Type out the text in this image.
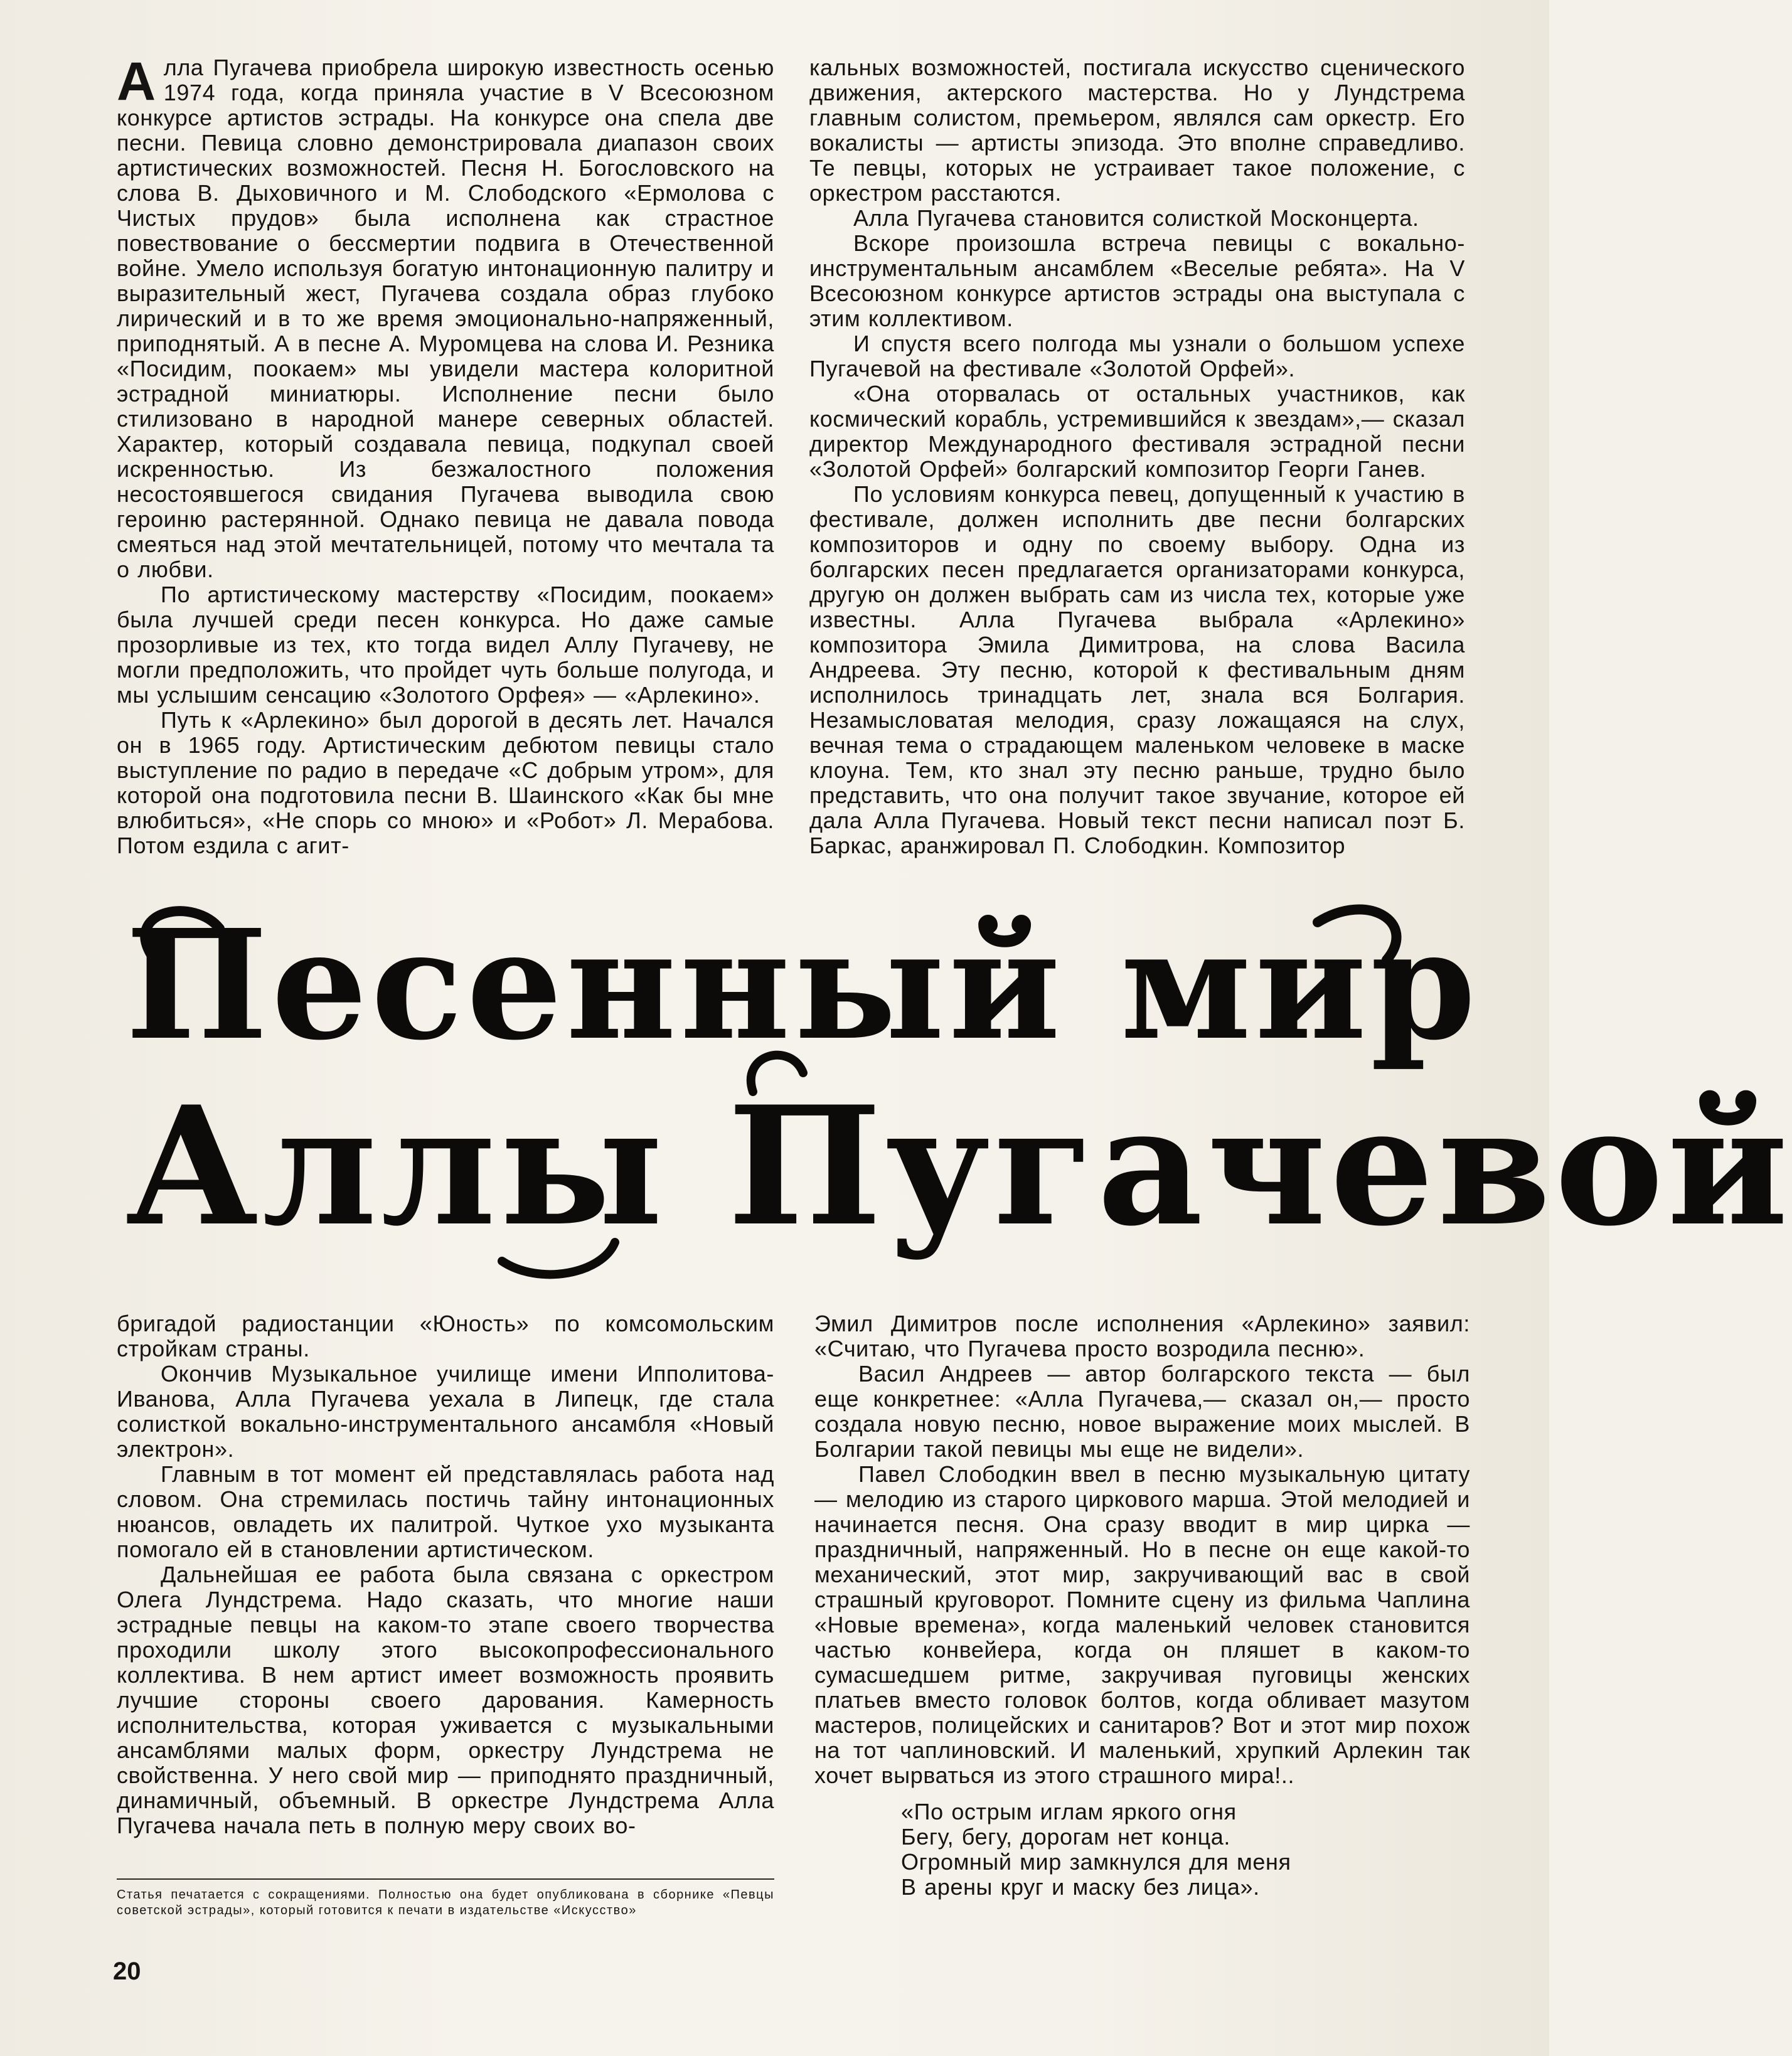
Алла Пугачева приобрела широкую известность осенью 1974 года, когда приняла участие в V Всесоюзном конкурсе артистов эстрады. На конкурсе она спела две песни. Певица словно демонстрировала диапазон своих артистических возможностей. Песня Н. Богословского на слова В. Дыховичного и М. Слободского «Ермолова с Чистых прудов» была исполнена как страстное повествование о бессмертии подвига в Отечественной войне. Умело используя богатую интонационную палитру и выразительный жест, Пугачева создала образ глубоко лирический и в то же время эмоционально-напряженный, приподнятый. А в песне А. Муромцева на слова И. Резника «Посидим, поокаем» мы увидели мастера колоритной эстрадной миниатюры. Исполнение песни было стилизовано в народной манере северных областей. Характер, который создавала певица, подкупал своей искренностью. Из безжалостного положения несостоявшегося свидания Пугачева выводила свою героиню растерянной. Однако певица не давала повода смеяться над этой мечтательницей, потому что мечтала та о любви.

По артистическому мастерству «Посидим, поокаем» была лучшей среди песен конкурса. Но даже самые прозорливые из тех, кто тогда видел Аллу Пугачеву, не могли предположить, что пройдет чуть больше полугода, и мы услышим сенсацию «Золотого Орфея» — «Арлекино».

Путь к «Арлекино» был дорогой в десять лет. Начался он в 1965 году. Артистическим дебютом певицы стало выступление по радио в передаче «С добрым утром», для которой она подготовила песни В. Шаинского «Как бы мне влюбиться», «Не спорь со мною» и «Робот» Л. Мерабова. Потом ездила с агит-

кальных возможностей, постигала искусство сценического движения, актерского мастерства. Но у Лундстрема главным солистом, премьером, являлся сам оркестр. Его вокалисты — артисты эпизода. Это вполне справедливо. Те певцы, которых не устраивает такое положение, с оркестром расстаются.

Алла Пугачева становится солисткой Москонцерта.

Вскоре произошла встреча певицы с вокально-инструментальным ансамблем «Веселые ребята». На V Всесоюзном конкурсе артистов эстрады она выступала с этим коллективом.

И спустя всего полгода мы узнали о большом успехе Пугачевой на фестивале «Золотой Орфей».

«Она оторвалась от остальных участников, как космический корабль, устремившийся к звездам»,— сказал директор Международного фестиваля эстрадной песни «Золотой Орфей» болгарский композитор Георги Ганев.

По условиям конкурса певец, допущенный к участию в фестивале, должен исполнить две песни болгарских композиторов и одну по своему выбору. Одна из болгарских песен предлагается организаторами конкурса, другую он должен выбрать сам из числа тех, которые уже известны. Алла Пугачева выбрала «Арлекино» композитора Эмила Димитрова, на слова Васила Андреева. Эту песню, которой к фестивальным дням исполнилось тринадцать лет, знала вся Болгария. Незамысловатая мелодия, сразу ложащаяся на слух, вечная тема о страдающем маленьком человеке в маске клоуна. Тем, кто знал эту песню раньше, трудно было представить, что она получит такое звучание, которое ей дала Алла Пугачева. Новый текст песни написал поэт Б. Баркас, аранжировал П. Слободкин. Композитор

Песенный мир
Аллы Пугачевой

бригадой радиостанции «Юность» по комсомольским стройкам страны.

Окончив Музыкальное училище имени Ипполитова-Иванова, Алла Пугачева уехала в Липецк, где стала солисткой вокально-инструментального ансамбля «Новый электрон».

Главным в тот момент ей представлялась работа над словом. Она стремилась постичь тайну интонационных нюансов, овладеть их палитрой. Чуткое ухо музыканта помогало ей в становлении артистическом.

Дальнейшая ее работа была связана с оркестром Олега Лундстрема. Надо сказать, что многие наши эстрадные певцы на каком-то этапе своего творчества проходили школу этого высокопрофессионального коллектива. В нем артист имеет возможность проявить лучшие стороны своего дарования. Камерность исполнительства, которая уживается с музыкальными ансамблями малых форм, оркестру Лундстрема не свойственна. У него свой мир — приподнято праздничный, динамичный, объемный. В оркестре Лундстрема Алла Пугачева начала петь в полную меру своих во-

Эмил Димитров после исполнения «Арлекино» заявил: «Считаю, что Пугачева просто возродила песню».

Васил Андреев — автор болгарского текста — был еще конкретнее: «Алла Пугачева,— сказал он,— просто создала новую песню, новое выражение моих мыслей. В Болгарии такой певицы мы еще не видели».

Павел Слободкин ввел в песню музыкальную цитату — мелодию из старого циркового марша. Этой мелодией и начинается песня. Она сразу вводит в мир цирка — праздничный, напряженный. Но в песне он еще какой-то механический, этот мир, закручивающий вас в свой страшный круговорот. Помните сцену из фильма Чаплина «Новые времена», когда маленький человек становится частью конвейера, когда он пляшет в каком-то сумасшедшем ритме, закручивая пуговицы женских платьев вместо головок болтов, когда обливает мазутом мастеров, полицейских и санитаров? Вот и этот мир похож на тот чаплиновский. И маленький, хрупкий Арлекин так хочет вырваться из этого страшного мира!..

«По острым иглам яркого огня
Бегу, бегу, дорогам нет конца.
Огромный мир замкнулся для меня
В арены круг и маску без лица».
Статья печатается с сокращениями. Полностью она будет опубликована в сборнике «Певцы советской эстрады», который готовится к печати в издательстве «Искусство»
20
